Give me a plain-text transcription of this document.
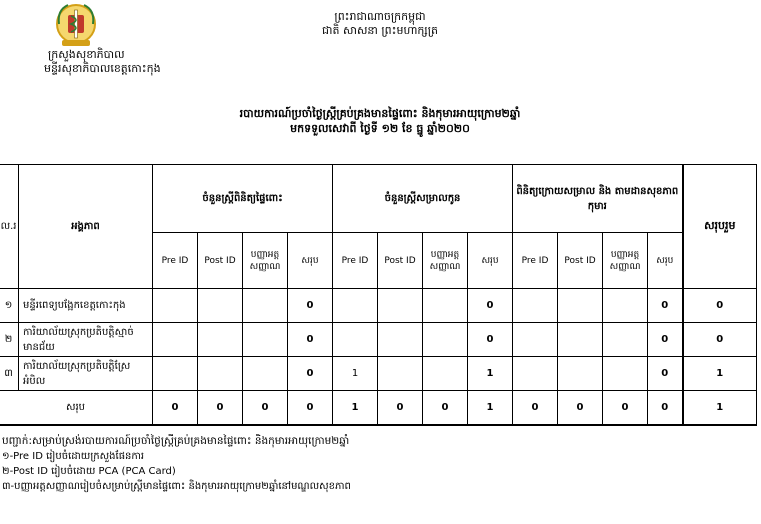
ក្រសួងសុខាភិបាល
មន្ទីរសុខាភិបាលខេត្តកោះកុង
ព្រះរាជាណាចក្រកម្ពុជា
ជាតិ សាសនា ព្រះមហាក្សត្រ
របាយការណ៍ប្រចាំថ្ងៃស្ត្រីគ្រប់គ្រងមានផ្ទៃពោះ និងកុមារអាយុក្រោម២ឆ្នាំ
មកទទួលសេវាពី ថ្ងៃទី ១២ ខែ ធ្នូ ឆ្នាំ២០២០
ល.រ	អង្គភាព	ចំនួនស្ត្រីពិនិត្យផ្ទៃពោះ				ចំនួនស្ត្រីសម្រាលកូន				ពិនិត្យក្រោយសម្រាល និង តាមដានសុខភាពកុមារ				សរុបរួម
		Pre ID	Post ID	បញ្ញាអត្តសញ្ញាណ	សរុប	Pre ID	Post ID	បញ្ញាអត្តសញ្ញាណ	សរុប	Pre ID	Post ID	បញ្ញាអត្តសញ្ញាណ	សរុប	
១	មន្ទីរពេទ្យបង្អែកខេត្តកោះកុង				0				0				0	0
២	ការិយាល័យស្រុកប្រតិបត្តិស្មាច់មានជ័យ				0				0				0	0
៣	ការិយាល័យស្រុកប្រតិបត្តិស្រែអំបិល				0	1			1				0	1
សរុប		0	0	0	0	1	0	0	1	0	0	0	0	1
បញ្ជាក់:សម្រាប់ស្រង់របាយការណ៍ប្រចាំថ្ងៃស្ត្រីគ្រប់គ្រងមានផ្ទៃពោះ និងកុមារអាយុក្រោម២ឆ្នាំ
១-Pre ID រៀបចំដោយក្រសួងផែនការ
២-Post ID រៀបចំដោយ PCA (PCA Card)
៣-បញ្ញាអត្តសញ្ញាណរៀបចំសម្រាប់ស្ត្រីមានផ្ទៃពោះ និងកុមារអាយុក្រោម២ឆ្នាំនៅមណ្ឌលសុខភាព
